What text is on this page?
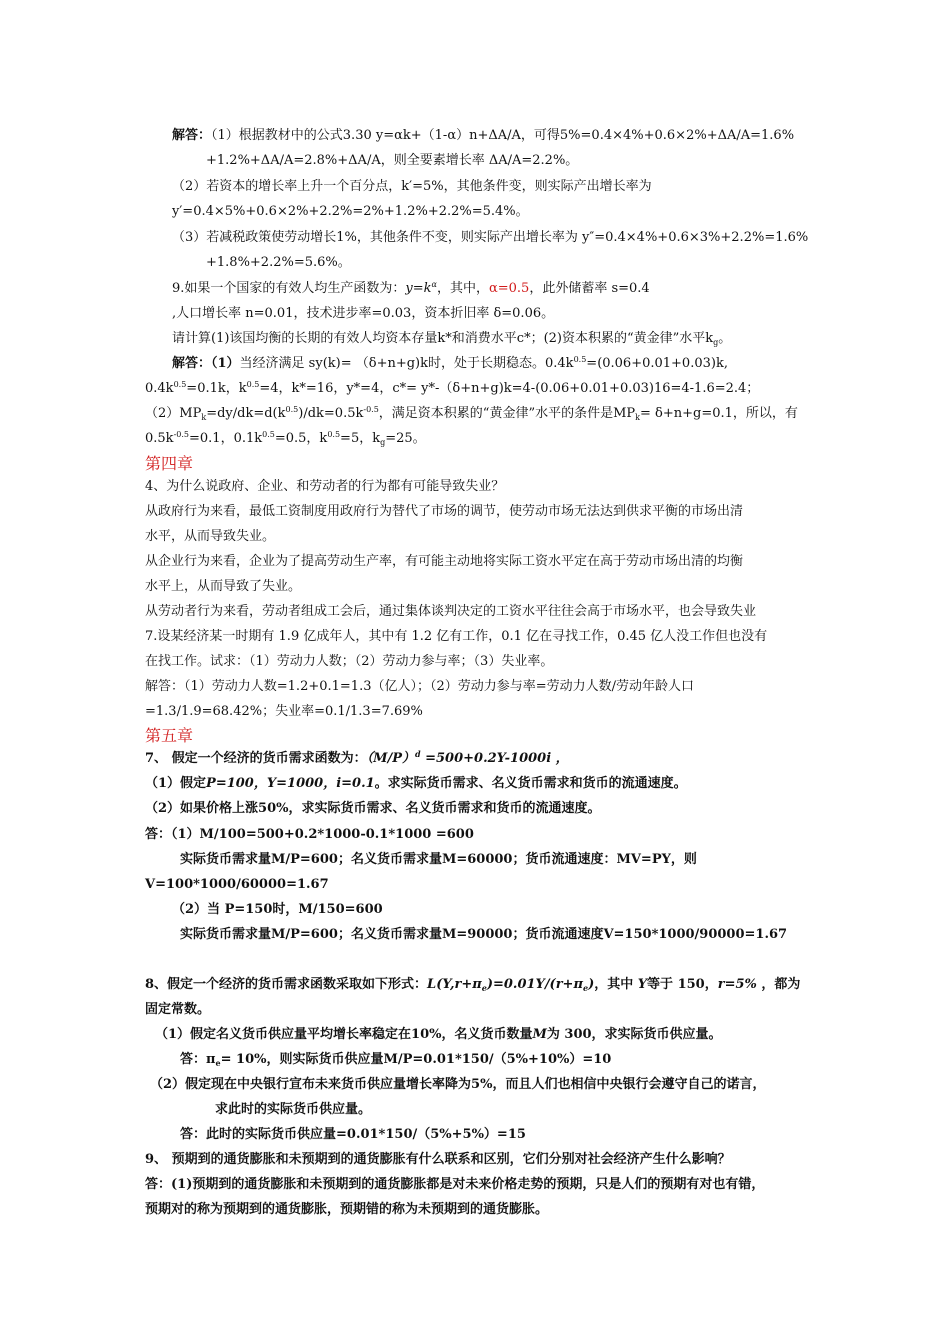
解答：（1）根据教材中的公式3.30 y=αk+（1-α）n+ΔA/A，可得5%=0.4×4%+0.6×2%+ΔA/A=1.6%
+1.2%+ΔA/A=2.8%+ΔA/A，则全要素增长率 ΔA/A=2.2%。
（2）若资本的增长率上升一个百分点，k′=5%，其他条件变，则实际产出增长率为
y′=0.4×5%+0.6×2%+2.2%=2%+1.2%+2.2%=5.4%。
（3）若减税政策使劳动增长1%，其他条件不变，则实际产出增长率为 y″=0.4×4%+0.6×3%+2.2%=1.6%
+1.8%+2.2%=5.6%。
9.如果一个国家的有效人均生产函数为：$y=k^\alpha$，其中，α=0.5，此外储蓄率 s=0.4
,人口增长率 n=0.01，技术进步率=0.03，资本折旧率 δ=0.06。
请计算(1)该国均衡的长期的有效人均资本存量k*和消费水平c*；(2)资本积累的“黄金律”水平$k_g$。
解答：（1）当经济满足 sy(k)= （δ+n+g)k时，处于长期稳态。$0.4k^{0.5}=(0.06+0.01+0.03)k$,
$0.4k^{0.5}=0.1k$，$k^{0.5}=4$，k*=16，y*=4，c*= y*-（δ+n+g)k=4-(0.06+0.01+0.03)16=4-1.6=2.4；
$(2)MP_k=dy/dk=d(k^{0.5})/dk=0.5k^{-0.5}$，满足资本积累的“黄金律”水平的条件是$MP_k= \delta+n+g=0.1$，所以，有
$0.5k^{-0.5}=0.1$，$0.1k^{0.5}=0.5$，$k^{0.5}=5$，$k_g=25$。
第四章
4、为什么说政府、企业、和劳动者的行为都有可能导致失业？
从政府行为来看，最低工资制度用政府行为替代了市场的调节，使劳动市场无法达到供求平衡的市场出清
水平，从而导致失业。
从企业行为来看，企业为了提高劳动生产率，有可能主动地将实际工资水平定在高于劳动市场出清的均衡
水平上，从而导致了失业。
从劳动者行为来看，劳动者组成工会后，通过集体谈判决定的工资水平往往会高于市场水平，也会导致失业
7.设某经济某一时期有 1.9 亿成年人，其中有 1.2 亿有工作，0.1 亿在寻找工作，0.45 亿人没工作但也没有
在找工作。试求：（1）劳动力人数；（2）劳动力参与率；（3）失业率。
解答：（1）劳动力人数=1.2+0.1=1.3（亿人）；（2）劳动力参与率=劳动力人数/劳动年龄人口
=1.3/1.9=68.42%；失业率=0.1/1.3=7.69%
第五章
7、 假定一个经济的货币需求函数为：$(M/P)^d =500+0.2Y-1000i$ ，
（1）假定P=100，Y=1000，i=0.1。求实际货币需求、名义货币需求和货币的流通速度。
（2）如果价格上涨50%，求实际货币需求、名义货币需求和货币的流通速度。
答：（1）M/100=500+0.2*1000-0.1*1000 =600
实际货币需求量M/P=600；名义货币需求量M=60000；货币流通速度：MV=PY，则
V=100*1000/60000=1.67
（2）当 P=150时，M/150=600
实际货币需求量M/P=600；名义货币需求量M=90000；货币流通速度V=150*1000/90000=1.67
8、假定一个经济的货币需求函数采取如下形式：$L(Y,r+\pi_e)=0.01Y/(r+\pi_e)$，其中 Y等于 150，r=5% ，都为
固定常数。
（1）假定名义货币供应量平均增长率稳定在10%，名义货币数量M为 300，求实际货币供应量。
答：$\pi_e= 10\%$，则实际货币供应量M/P=0.01*150/（5%+10%）=10
（2）假定现在中央银行宣布未来货币供应量增长率降为5%，而且人们也相信中央银行会遵守自己的诺言，
求此时的实际货币供应量。
答：此时的实际货币供应量=0.01*150/（5%+5%）=15
9、 预期到的通货膨胀和未预期到的通货膨胀有什么联系和区别，它们分别对社会经济产生什么影响？
答：(1)预期到的通货膨胀和未预期到的通货膨胀都是对未来价格走势的预期，只是人们的预期有对也有错，
预期对的称为预期到的通货膨胀，预期错的称为未预期到的通货膨胀。
